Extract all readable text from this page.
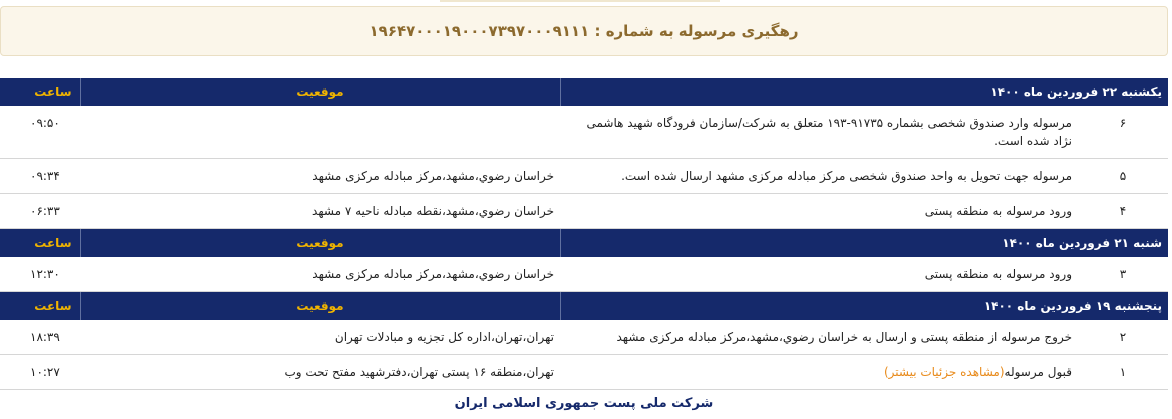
رهگیری مرسوله به شماره : ۱۹۶۴۷۰۰۰۱۹۰۰۰۷۳۹۷۰۰۰۹۱۱۱
یکشنبه ۲۲ فروردین ماه ۱۴۰۰		موقعیت	ساعت
۶	مرسوله وارد صندوق شخصی بشماره ۹۱۷۳۵-۱۹۳ متعلق به شرکت/سازمان فرودگاه شهید هاشمی نژاد شده است.		۰۹:۵۰
۵	مرسوله جهت تحویل به واحد صندوق شخصی مرکز مبادله مرکزی مشهد ارسال شده است.	خراسان رضوي،مشهد،مرکز مبادله مرکزی مشهد	۰۹:۳۴
۴	ورود مرسوله به منطقه پستی	خراسان رضوي،مشهد،نقطه مبادله ناحیه ۷ مشهد	۰۶:۳۳
شنبه ۲۱ فروردین ماه ۱۴۰۰		موقعیت	ساعت
۳	ورود مرسوله به منطقه پستی	خراسان رضوي،مشهد،مرکز مبادله مرکزی مشهد	۱۲:۳۰
پنجشنبه ۱۹ فروردین ماه ۱۴۰۰		موقعیت	ساعت
۲	خروج مرسوله از منطقه پستی و ارسال به خراسان رضوي،مشهد،مرکز مبادله مرکزی مشهد	تهران،تهران،اداره کل تجزیه و مبادلات تهران	۱۸:۳۹
۱	قبول مرسوله(مشاهده جزئیات بیشتر)	تهران،منطقه ۱۶ پستی تهران،دفترشهید مفتح تحت وب	۱۰:۲۷
شرکت ملی پست جمهوری اسلامی ایران
